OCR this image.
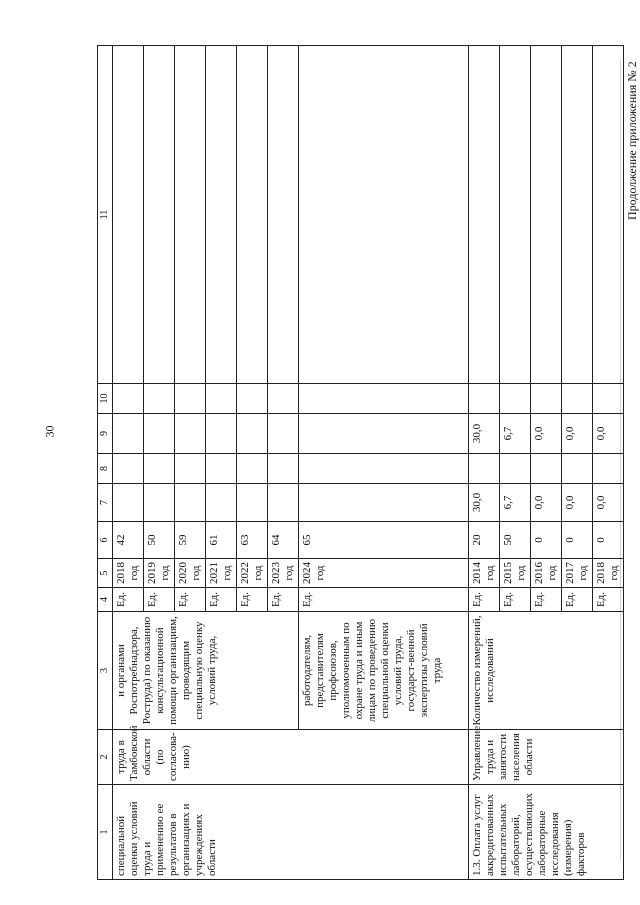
30
Продолжение приложения № 2
1	2	3	4	5	6	7	8	9	10	11
специальной оценки условий труда и применению ее результатов в организациях и учреждениях области	труда в Тамбовской области (по согласова-нию)	и органами Роспотребнадзора, Роструда) по оказанию консультационной помощи организациям, проводящим специальную оценку условий труда,	Ед.	2018 год	42					
			Ед.	2019 год	50					
			Ед.	2020 год	59					
			Ед.	2021 год	61					
			Ед.	2022 год	63					
			Ед.	2023 год	64					
		работодателям, представителям профсоюзов, уполномоченным по охране труда и иным лицам по проведению специальной оценки условий труда, государст-венной экспертизы условий труда	Ед.	2024 год	65					
1.3. Оплата услуг аккредитованных испытательных лабораторий, осуществляющих лабораторные исследования (измерения) факторов	Управление труда и занятости населения области	Количество измерений, исследований	Ед.	2014 год	20	30,0		30,0		
			Ед.	2015 год	50	6,7		6,7		
			Ед.	2016 год	0	0,0		0,0		
			Ед.	2017 год	0	0,0		0,0		
			Ед.	2018 год	0	0,0		0,0		
